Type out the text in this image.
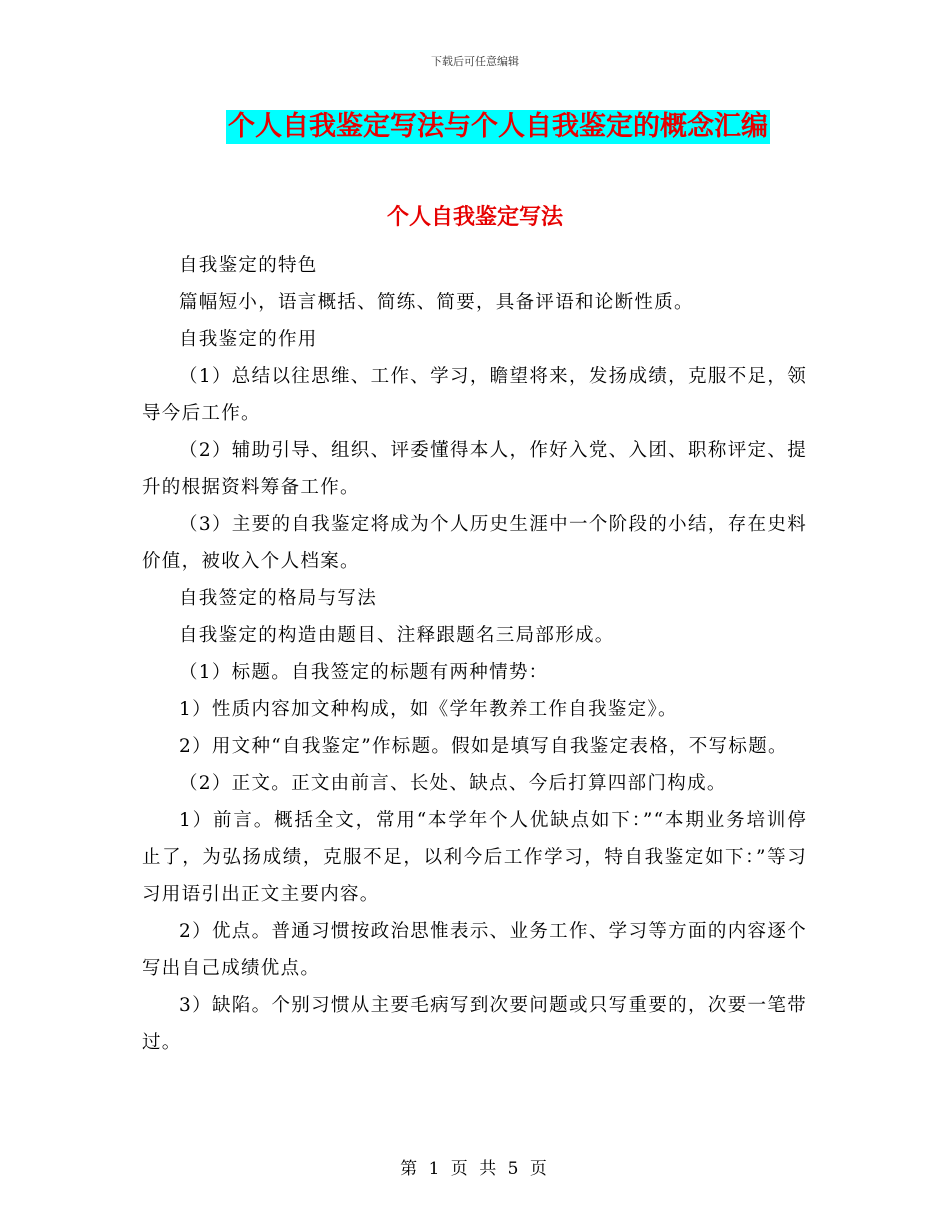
下载后可任意编辑
个人自我鉴定写法与个人自我鉴定的概念汇编
个人自我鉴定写法

自我鉴定的特色

篇幅短小，语言概括、简练、简要，具备评语和论断性质。

自我鉴定的作用

（1）总结以往思维、工作、学习，瞻望将来，发扬成绩，克服不足，领导今后工作。

（2）辅助引导、组织、评委懂得本人，作好入党、入团、职称评定、提升的根据资料筹备工作。

（3）主要的自我鉴定将成为个人历史生涯中一个阶段的小结，存在史料价值，被收入个人档案。

自我签定的格局与写法

自我鉴定的构造由题目、注释跟题名三局部形成。

（1）标题。自我签定的标题有两种情势：

1）性质内容加文种构成，如《学年教养工作自我鉴定》。

2）用文种“自我鉴定”作标题。假如是填写自我鉴定表格，不写标题。

（2）正文。正文由前言、长处、缺点、今后打算四部门构成。

1）前言。概括全文，常用“本学年个人优缺点如下：”“本期业务培训停止了，为弘扬成绩，克服不足，以利今后工作学习，特自我鉴定如下：”等习习用语引出正文主要内容。

2）优点。普通习惯按政治思惟表示、业务工作、学习等方面的内容逐个写出自己成绩优点。

3）缺陷。个别习惯从主要毛病写到次要问题或只写重要的，次要一笔带过。

第 1 页 共 5 页
